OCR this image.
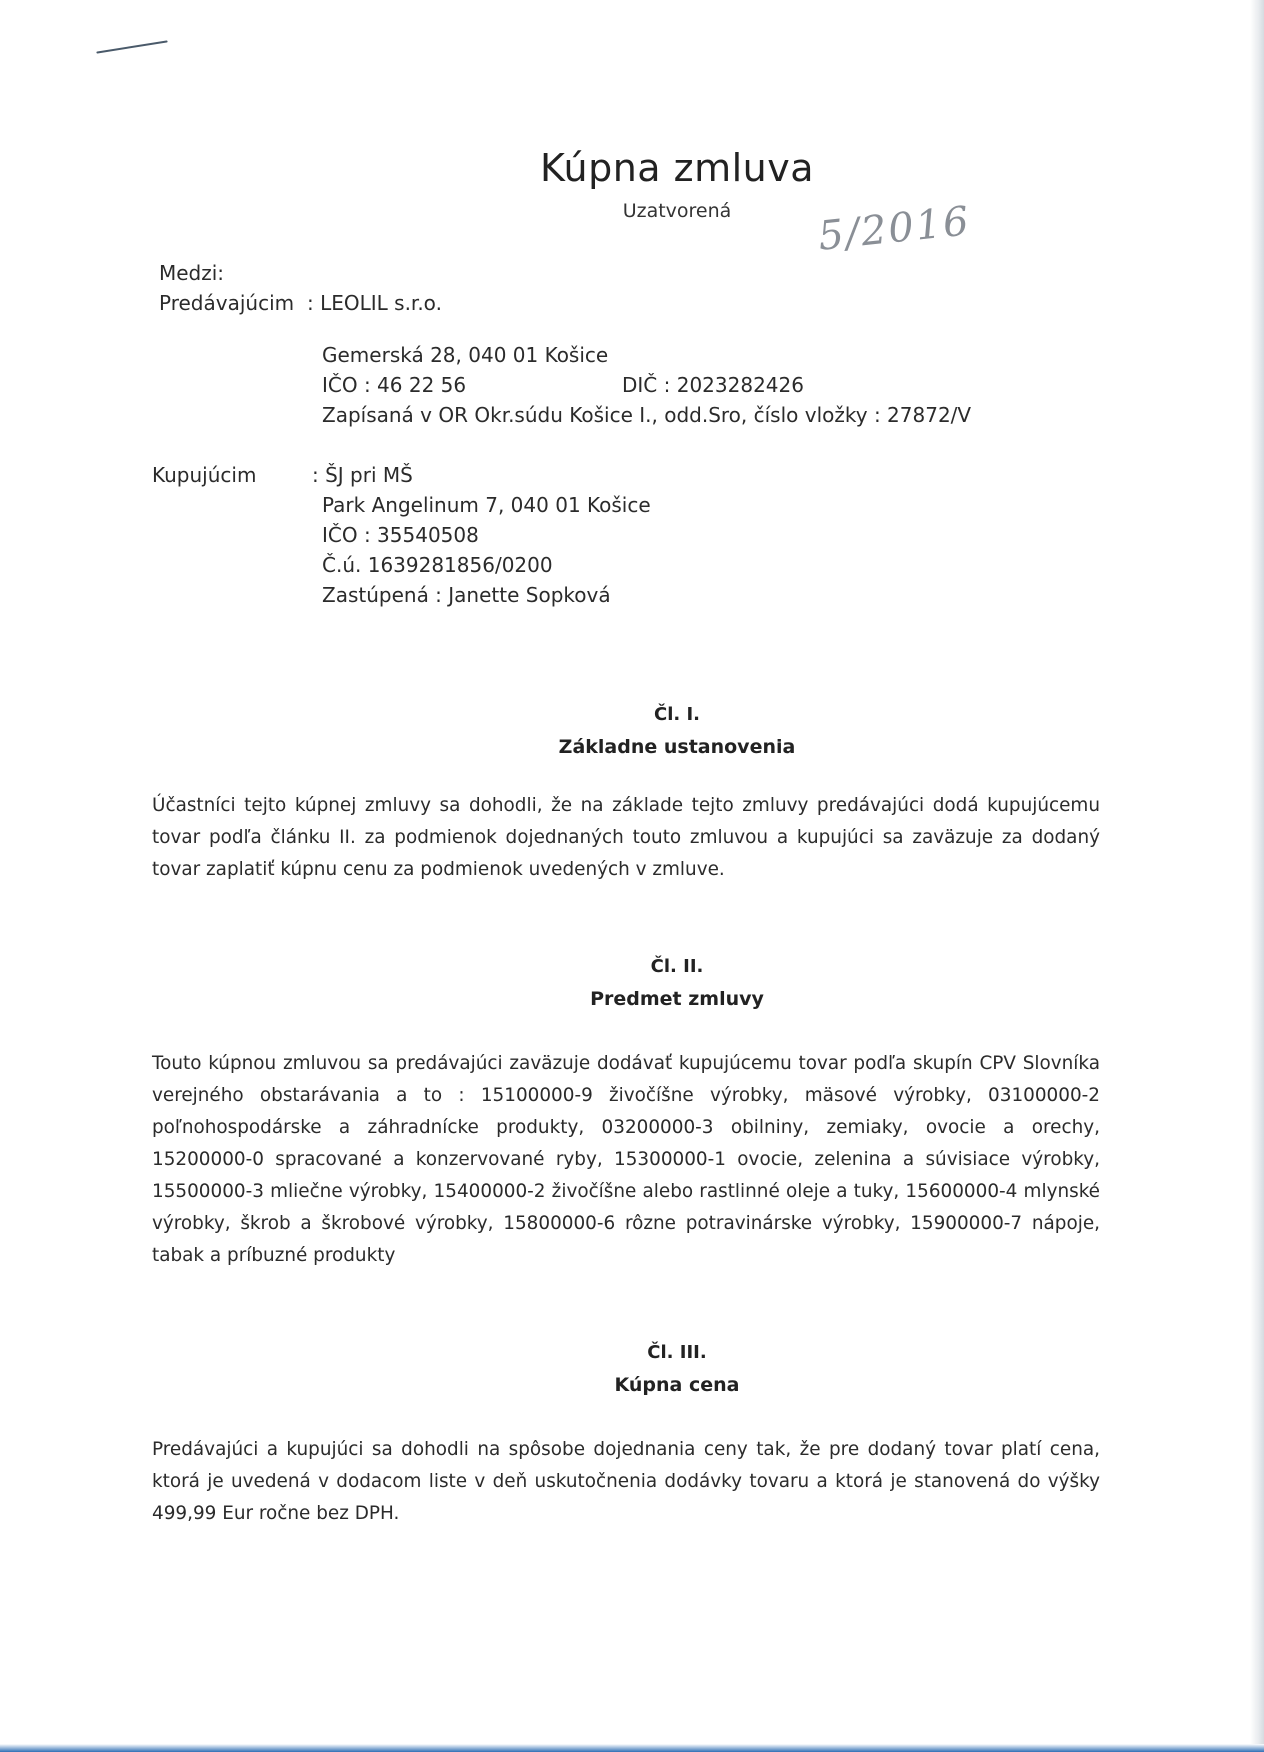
Kúpna zmluva
Uzatvorená	5/2016
Medzi:
Predávajúcim : LEOLIL s.r.o.
Gemerská 28, 040 01 Košice
IČO : 46 22 56	DIČ : 2023282426
Zapísaná v OR Okr.súdu Košice I., odd.Sro, číslo vložky : 27872/V
Kupujúcim	: ŠJ pri MŠ
Park Angelinum 7, 040 01 Košice
IČO : 35540508
Č.ú. 1639281856/0200
Zastúpená : Janette Sopková
Čl. I.
Základne ustanovenia
Účastníci tejto kúpnej zmluvy sa dohodli, že na základe tejto zmluvy predávajúci dodá kupujúcemu
tovar podľa článku II. za podmienok dojednaných touto zmluvou a kupujúci sa zaväzuje za dodaný
tovar zaplatiť kúpnu cenu za podmienok uvedených v zmluve.
Čl. II.
Predmet zmluvy
Touto kúpnou zmluvou sa predávajúci zaväzuje dodávať kupujúcemu tovar podľa skupín CPV Slovníka
verejného obstarávania a to : 15100000-9 živočíšne výrobky, mäsové výrobky, 03100000-2
poľnohospodárske a záhradnícke produkty, 03200000-3 obilniny, zemiaky, ovocie a orechy,
15200000-0 spracované a konzervované ryby, 15300000-1 ovocie, zelenina a súvisiace výrobky,
15500000-3 mliečne výrobky, 15400000-2 živočíšne alebo rastlinné oleje a tuky, 15600000-4 mlynské
výrobky, škrob a škrobové výrobky, 15800000-6 rôzne potravinárske výrobky, 15900000-7 nápoje,
tabak a príbuzné produkty
Čl. III.
Kúpna cena
Predávajúci a kupujúci sa dohodli na spôsobe dojednania ceny tak, že pre dodaný tovar platí cena,
ktorá je uvedená v dodacom liste v deň uskutočnenia dodávky tovaru a ktorá je stanovená do výšky
499,99 Eur ročne bez DPH.
